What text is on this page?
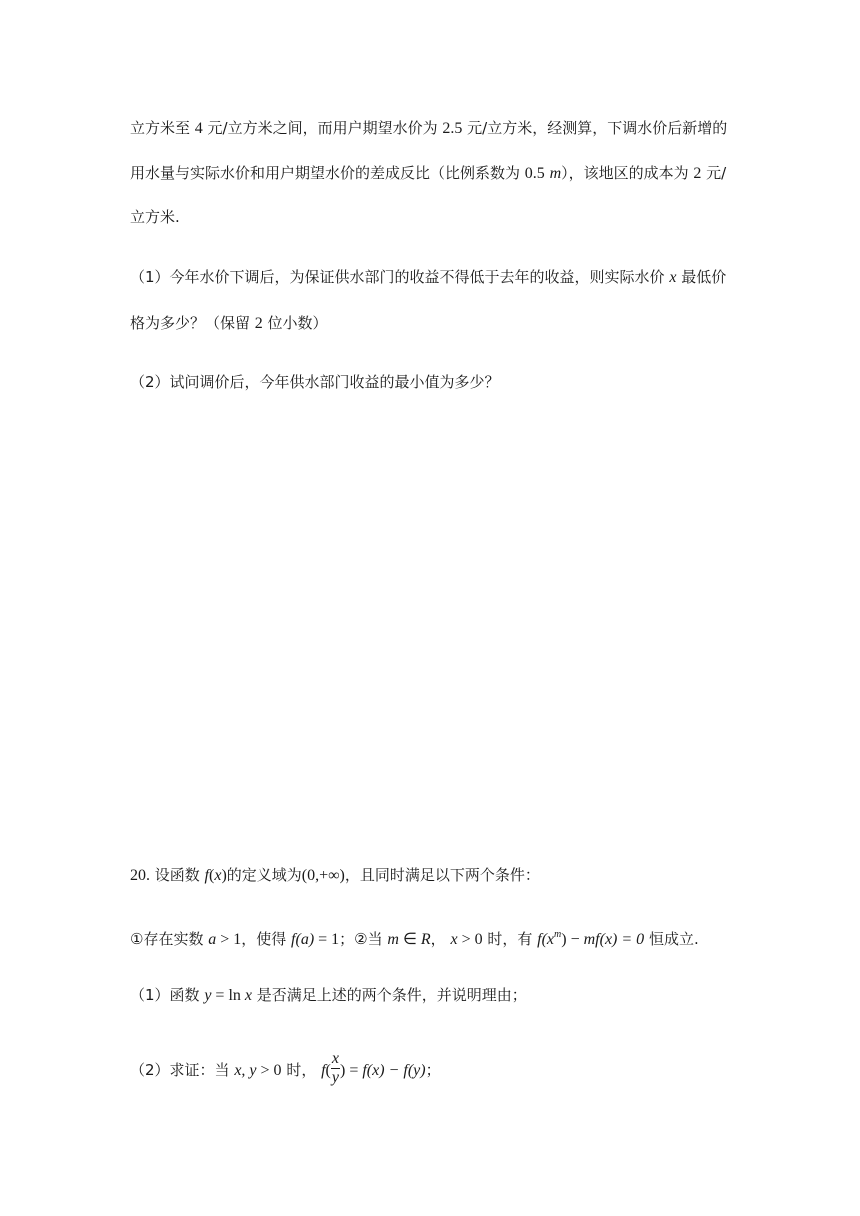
立方米至 4 元/立方米之间，而用户期望水价为 2.5 元/立方米，经测算，下调水价后新增的
用水量与实际水价和用户期望水价的差成反比（比例系数为 0.5 m），该地区的成本为 2 元/
立方米.
（1）今年水价下调后，为保证供水部门的收益不得低于去年的收益，则实际水价 x 最低价
格为多少？（保留 2 位小数）
（2）试问调价后，今年供水部门收益的最小值为多少？
20. 设函数 f(x)的定义域为(0,+∞)，且同时满足以下两个条件：
①存在实数 a > 1，使得 f(a) = 1；②当 m ∈ R， x > 0 时，有 $f(x^m) - mf(x) = 0$ 恒成立.
（1）函数 y = ln x 是否满足上述的两个条件，并说明理由；
（2）求证：当 x, y > 0 时， $f( \frac{x}{y}$ ) = f(x) − f(y)；
